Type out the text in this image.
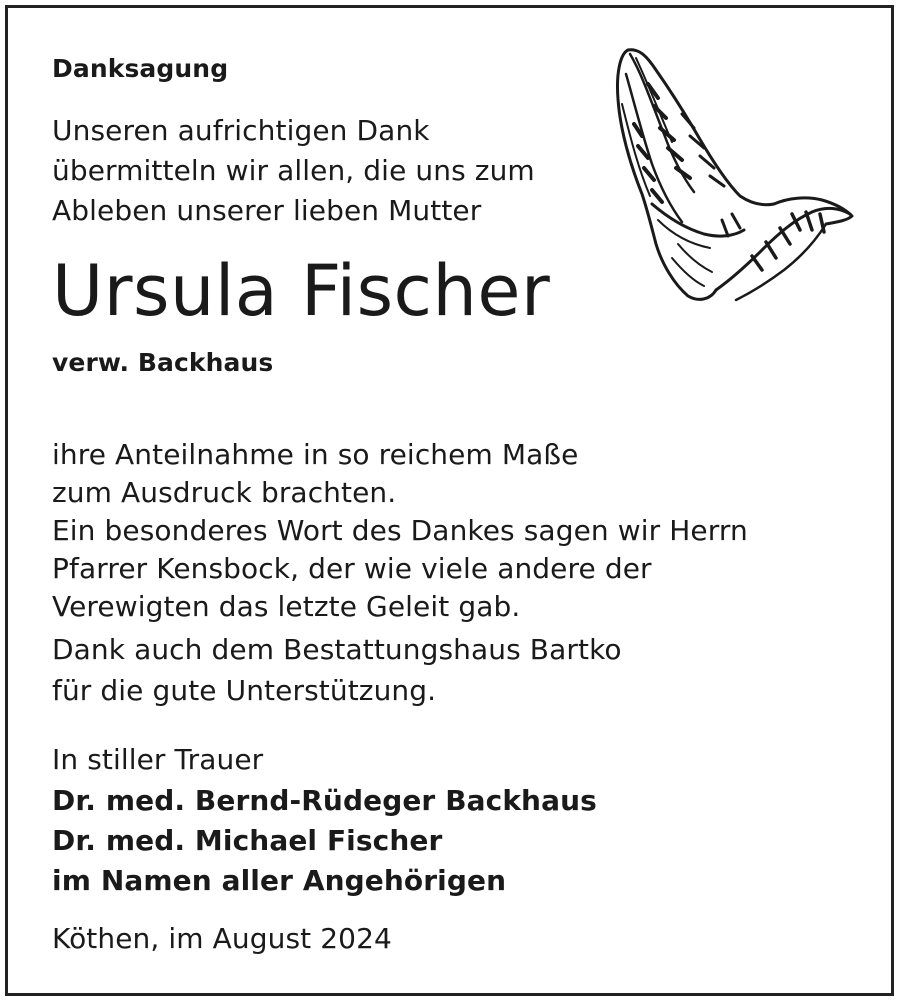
Danksagung
Unseren aufrichtigen Dank
übermitteln wir allen, die uns zum
Ableben unserer lieben Mutter
Ursula Fischer
verw. Backhaus
ihre Anteilnahme in so reichem Maße
zum Ausdruck brachten.
Ein besonderes Wort des Dankes sagen wir Herrn
Pfarrer Kensbock, der wie viele andere der
Verewigten das letzte Geleit gab.
Dank auch dem Bestattungshaus Bartko
für die gute Unterstützung.
In stiller Trauer
Dr. med. Bernd-Rüdeger Backhaus
Dr. med. Michael Fischer
im Namen aller Angehörigen
Köthen, im August 2024
